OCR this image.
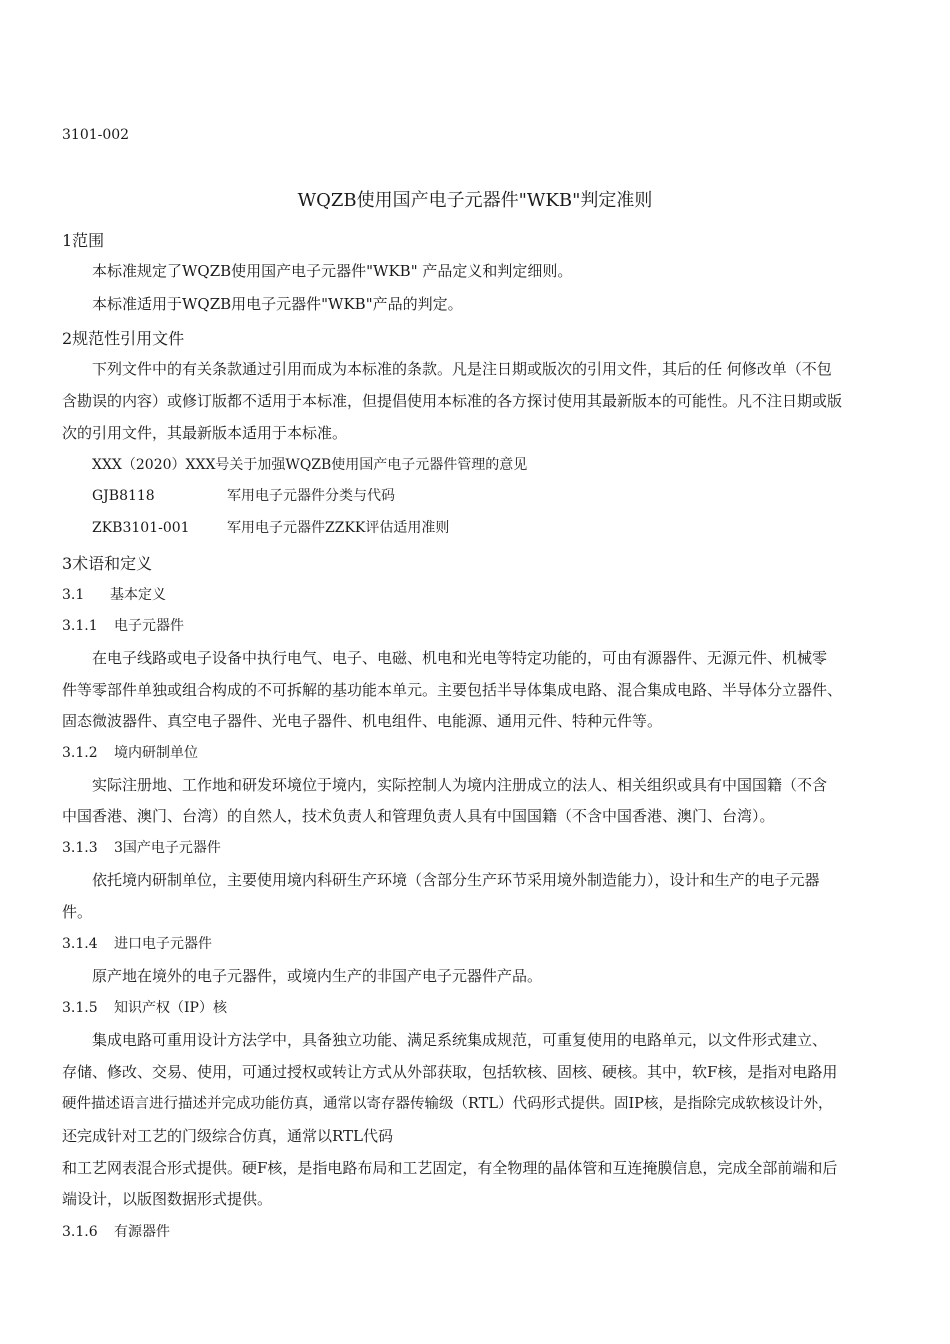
3101-002
WQZB使用国产电子元器件"WKB"判定准则
1范围
本标准规定了WQZB使用国产电子元器件"WKB" 产品定义和判定细则。
本标准适用于WQZB用电子元器件"WKB"产品的判定。
2规范性引用文件
下列文件中的有关条款通过引用而成为本标准的条款。凡是注日期或版次的引用文件，其后的任 何修改单（不包
含勘误的内容）或修订版都不适用于本标准，但提倡使用本标准的各方探讨使用其最新版本的可能性。凡不注日期或版
次的引用文件，其最新版本适用于本标准。
XXX（2020）XXX号关于加强WQZB使用国产电子元器件管理的意见
GJB8118	军用电子元器件分类与代码
ZKB3101-001	军用电子元器件ZZKK评估适用准则
3术语和定义
3.1 基本定义
3.1.1 电子元器件
在电子线路或电子设备中执行电气、电子、电磁、机电和光电等特定功能的，可由有源器件、无源元件、机械零
件等零部件单独或组合构成的不可拆解的基功能本单元。主要包括半导体集成电路、混合集成电路、半导体分立器件、
固态微波器件、真空电子器件、光电子器件、机电组件、电能源、通用元件、特种元件等。
3.1.2 境内研制单位
实际注册地、工作地和研发环境位于境内，实际控制人为境内注册成立的法人、相关组织或具有中国国籍（不含
中国香港、澳门、台湾）的自然人，技术负责人和管理负责人具有中国国籍（不含中国香港、澳门、台湾）。
3.1.3 3国产电子元器件
依托境内研制单位，主要使用境内科研生产环境（含部分生产环节采用境外制造能力），设计和生产的电子元器
件。
3.1.4 进口电子元器件
原产地在境外的电子元器件，或境内生产的非国产电子元器件产品。
3.1.5 知识产权（IP）核
集成电路可重用设计方法学中，具备独立功能、满足系统集成规范，可重复使用的电路单元，以文件形式建立、
存储、修改、交易、使用，可通过授权或转让方式从外部获取，包括软核、固核、硬核。其中，软F核，是指对电路用
硬件描述语言进行描述并完成功能仿真，通常以寄存器传输级（RTL）代码形式提供。固IP核，是指除完成软核设计外，
还完成针对工艺的门级综合仿真，通常以RTL代码
和工艺网表混合形式提供。硬F核，是指电路布局和工艺固定，有全物理的晶体管和互连掩膜信息，完成全部前端和后
端设计，以版图数据形式提供。
3.1.6 有源器件
